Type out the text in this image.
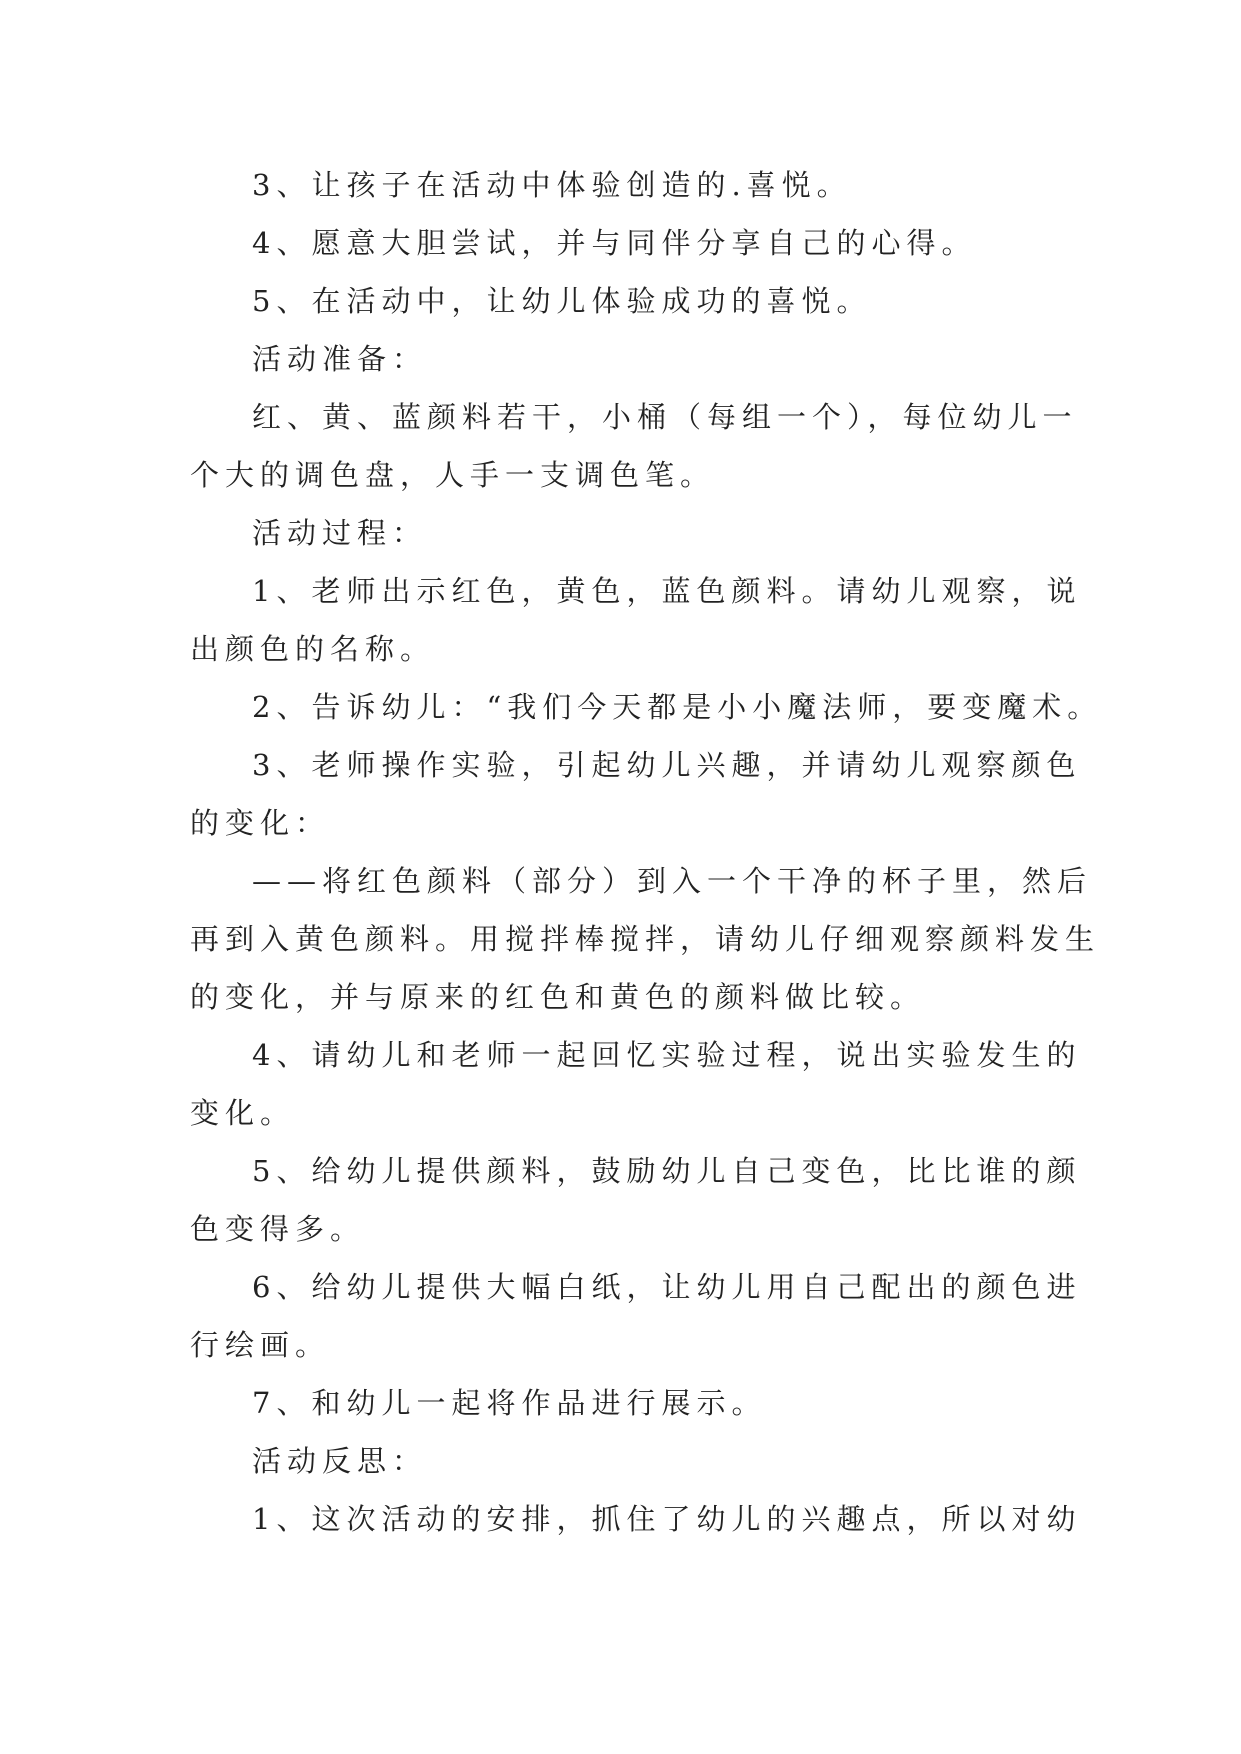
3、让孩子在活动中体验创造的.喜悦。
4、愿意大胆尝试，并与同伴分享自己的心得。
5、在活动中，让幼儿体验成功的喜悦。
活动准备：
红、黄、蓝颜料若干，小桶（每组一个），每位幼儿一
个大的调色盘，人手一支调色笔。
活动过程：
1、老师出示红色，黄色，蓝色颜料。请幼儿观察，说
出颜色的名称。
2、告诉幼儿：“我们今天都是小小魔法师，要变魔术。
3、老师操作实验，引起幼儿兴趣，并请幼儿观察颜色
的变化：
——将红色颜料（部分）到入一个干净的杯子里，然后
再到入黄色颜料。用搅拌棒搅拌，请幼儿仔细观察颜料发生
的变化，并与原来的红色和黄色的颜料做比较。
4、请幼儿和老师一起回忆实验过程，说出实验发生的
变化。
5、给幼儿提供颜料，鼓励幼儿自己变色，比比谁的颜
色变得多。
6、给幼儿提供大幅白纸，让幼儿用自己配出的颜色进
行绘画。
7、和幼儿一起将作品进行展示。
活动反思：
1、这次活动的安排，抓住了幼儿的兴趣点，所以对幼
